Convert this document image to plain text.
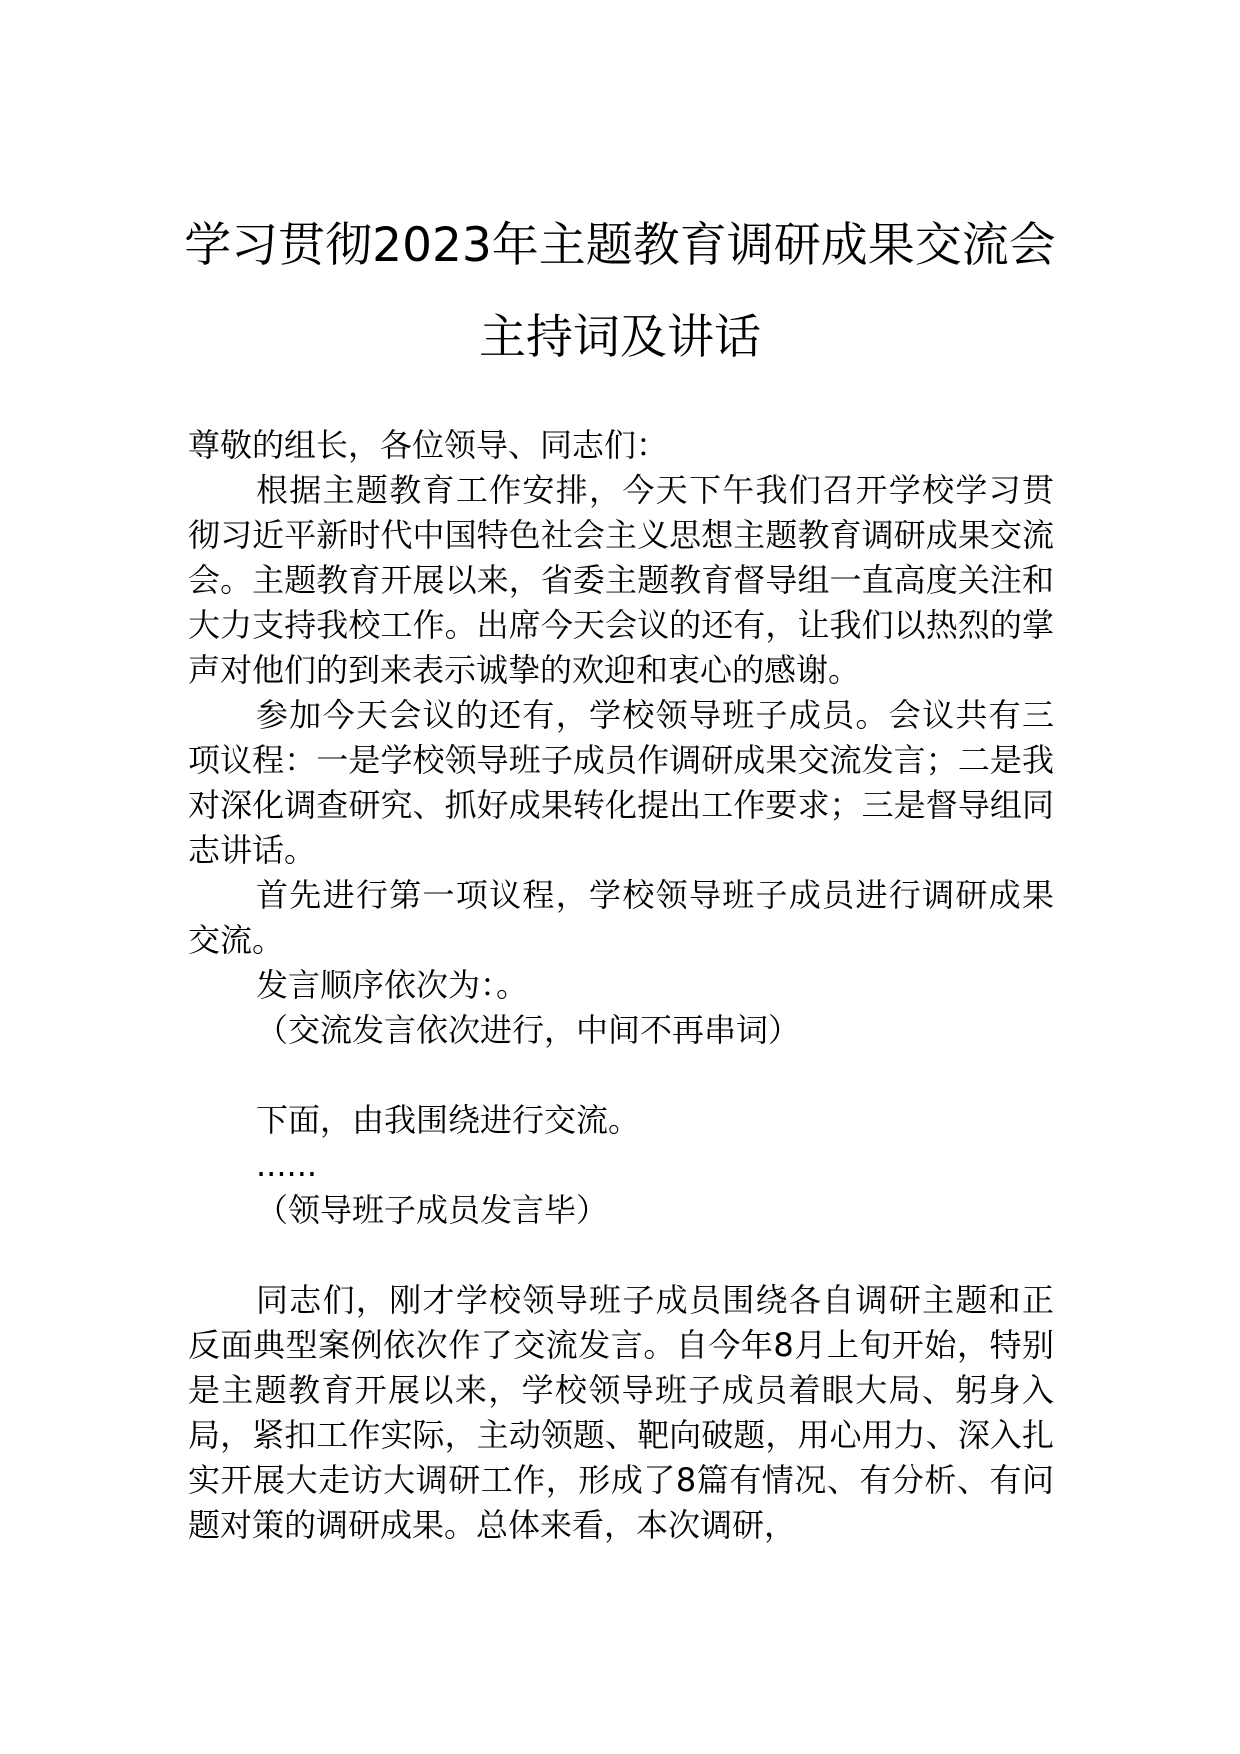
学习贯彻2023年主题教育调研成果交流会
主持词及讲话

尊敬的组长，各位领导、同志们：

根据主题教育工作安排，今天下午我们召开学校学习贯彻习近平新时代中国特色社会主义思想主题教育调研成果交流会。主题教育开展以来，省委主题教育督导组一直高度关注和大力支持我校工作。出席今天会议的还有，让我们以热烈的掌声对他们的到来表示诚挚的欢迎和衷心的感谢。

参加今天会议的还有，学校领导班子成员。会议共有三项议程：一是学校领导班子成员作调研成果交流发言；二是我对深化调查研究、抓好成果转化提出工作要求；三是督导组同志讲话。

首先进行第一项议程，学校领导班子成员进行调研成果交流。

发言顺序依次为：。

（交流发言依次进行，中间不再串词）

下面，由我围绕进行交流。

......

（领导班子成员发言毕）

同志们，刚才学校领导班子成员围绕各自调研主题和正反面典型案例依次作了交流发言。自今年8月上旬开始，特别是主题教育开展以来，学校领导班子成员着眼大局、躬身入局，紧扣工作实际，主动领题、靶向破题，用心用力、深入扎实开展大走访大调研工作，形成了8篇有情况、有分析、有问题对策的调研成果。总体来看，本次调研，
